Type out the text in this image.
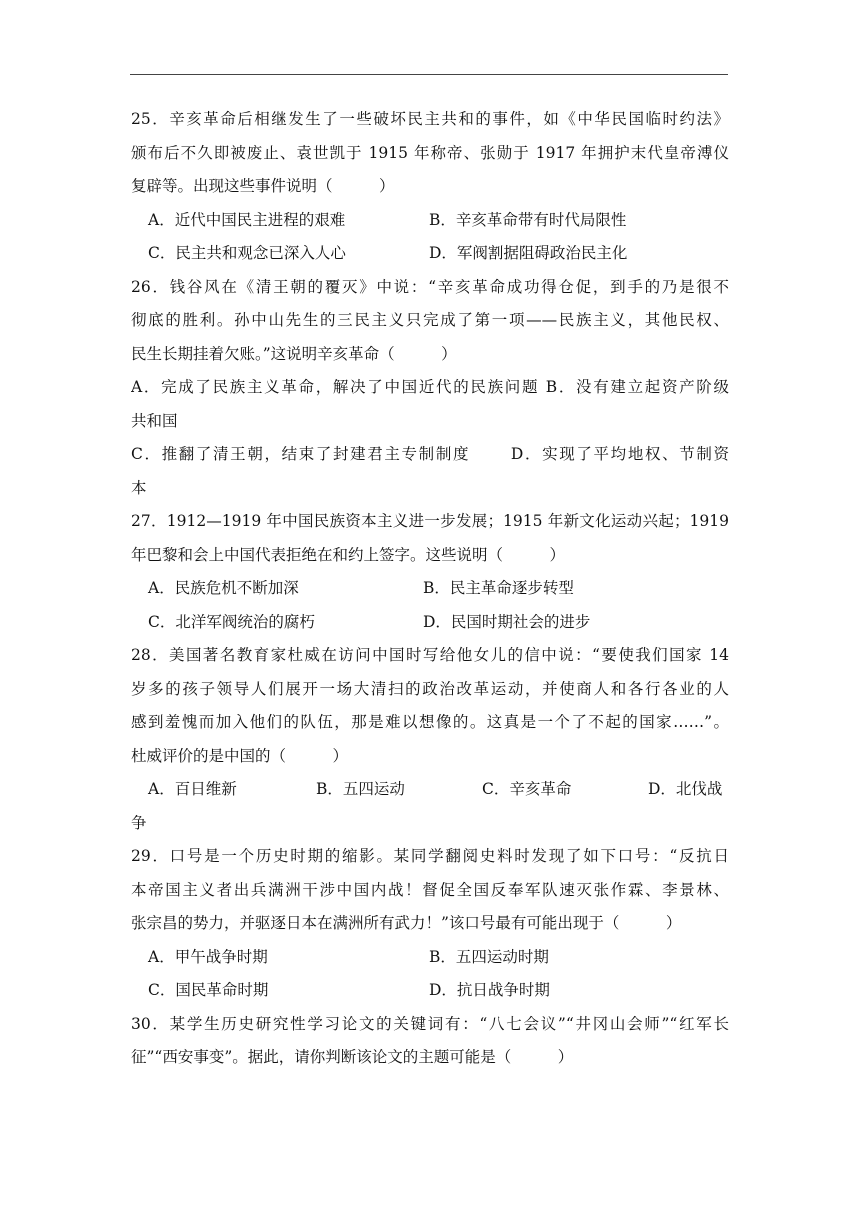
25．辛亥革命后相继发生了一些破坏民主共和的事件，如《中华民国临时约法》
颁布后不久即被废止、袁世凯于 1915 年称帝、张勋于 1917 年拥护末代皇帝溥仪
复辟等。出现这些事件说明（　　　）
A．近代中国民主进程的艰难	B．辛亥革命带有时代局限性
C．民主共和观念已深入人心	D．军阀割据阻碍政治民主化
26．钱谷风在《清王朝的覆灭》中说：“辛亥革命成功得仓促，到手的乃是很不
彻底的胜利。孙中山先生的三民主义只完成了第一项——民族主义，其他民权、
民生长期挂着欠账。”这说明辛亥革命（　　　）
A．完成了民族主义革命，解决了中国近代的民族问题 B．没有建立起资产阶级
共和国
C．推翻了清王朝，结束了封建君主专制制度　　 D．实现了平均地权、节制资
本
27．1912—1919 年中国民族资本主义进一步发展；1915 年新文化运动兴起；1919
年巴黎和会上中国代表拒绝在和约上签字。这些说明（　　　）
A．民族危机不断加深	B．民主革命逐步转型
C．北洋军阀统治的腐朽	D．民国时期社会的进步
28．美国著名教育家杜威在访问中国时写给他女儿的信中说：“要使我们国家 14
岁多的孩子领导人们展开一场大清扫的政治改革运动，并使商人和各行各业的人
感到羞愧而加入他们的队伍，那是难以想像的。这真是一个了不起的国家……”。
杜威评价的是中国的（　　　）
A．百日维新	B．五四运动	C．辛亥革命	D．北伐战
争
29．口号是一个历史时期的缩影。某同学翻阅史料时发现了如下口号：“反抗日
本帝国主义者出兵满洲干涉中国内战！督促全国反奉军队速灭张作霖、李景林、
张宗昌的势力，并驱逐日本在满洲所有武力！”该口号最有可能出现于（　　　）
A．甲午战争时期	B．五四运动时期
C．国民革命时期	D．抗日战争时期
30．某学生历史研究性学习论文的关键词有：“八七会议”“井冈山会师”“红军长
征”“西安事变”。据此，请你判断该论文的主题可能是（　　　）
